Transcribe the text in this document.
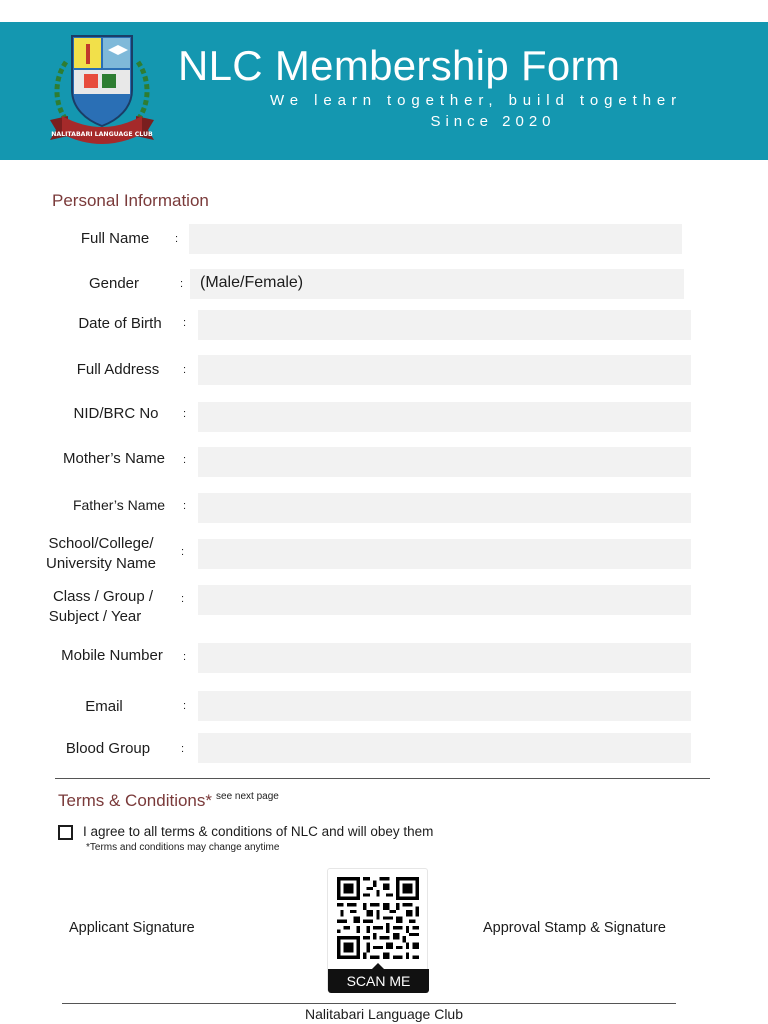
NALITABARI LANGUAGE CLUB
NLC Membership Form
We learn together, build together
Since 2020
Personal Information
Full Name	:
Gender	: (Male/Female)
Date of Birth	:
Full Address	:
NID/BRC No	:
Mother’s Name	:
Father’s Name	:
School/College/
University Name
:
Class / Group /
Subject / Year
:
Mobile Number	:
Email	:
Blood Group	:
Terms & Conditions* $^{see next page}$
I agree to all terms & conditions of NLC and will obey them
*Terms and conditions may change anytime
Applicant Signature	Approval Stamp & Signature
SCAN ME
Nalitabari Language Club
